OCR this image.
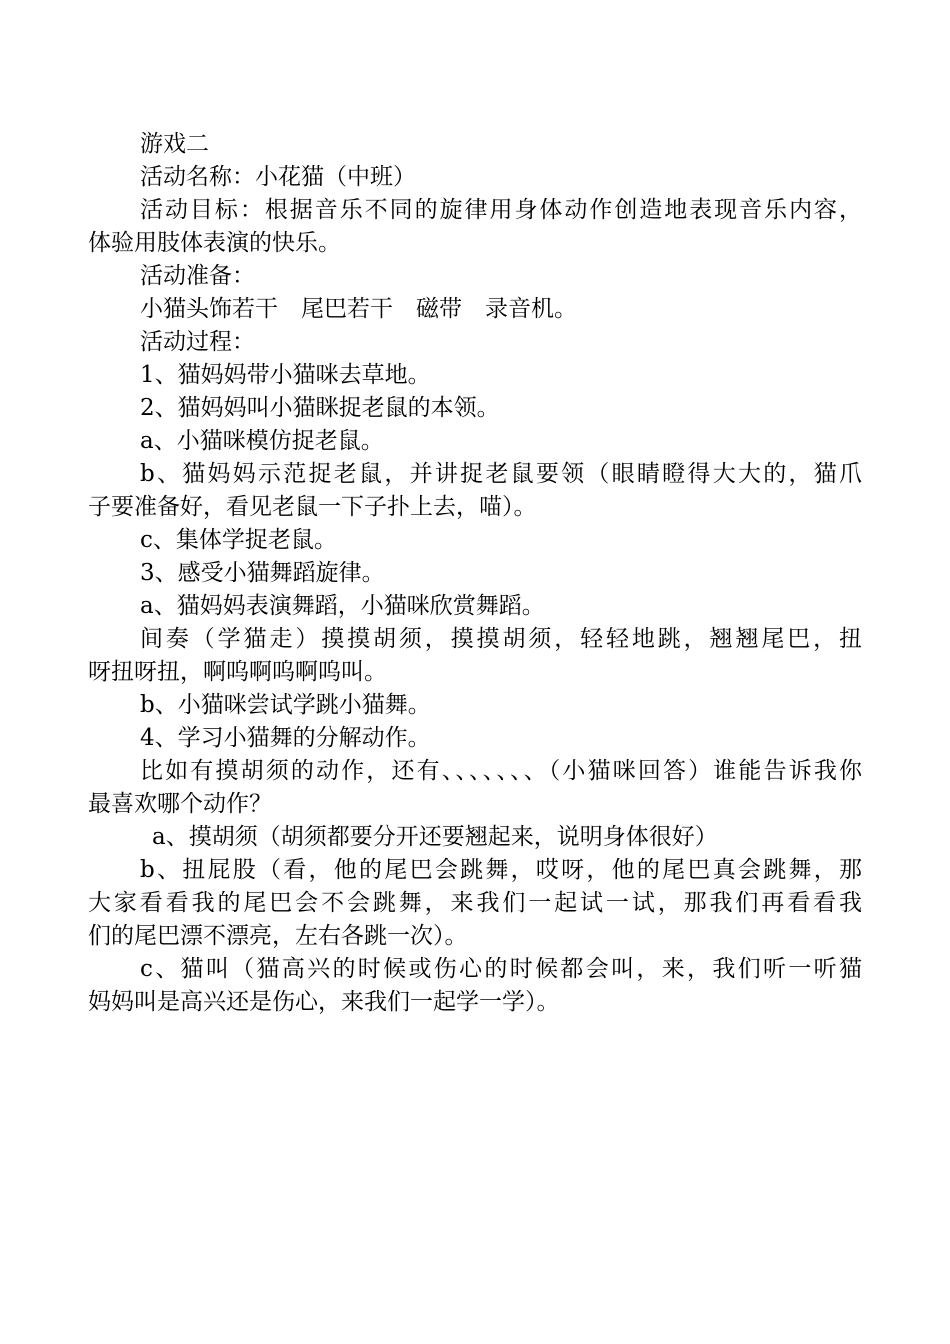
游戏二

活动名称：小花猫（中班）

活动目标：根据音乐不同的旋律用身体动作创造地表现音乐内容，

体验用肢体表演的快乐。

活动准备：

小猫头饰若干　尾巴若干　磁带　录音机。

活动过程：

1、猫妈妈带小猫咪去草地。

2、猫妈妈叫小猫眯捉老鼠的本领。

a、小猫咪模仿捉老鼠。

b、猫妈妈示范捉老鼠，并讲捉老鼠要领（眼睛瞪得大大的，猫爪

子要准备好，看见老鼠一下子扑上去，喵）。

c、集体学捉老鼠。

3、感受小猫舞蹈旋律。

a、猫妈妈表演舞蹈，小猫咪欣赏舞蹈。

间奏（学猫走）摸摸胡须，摸摸胡须，轻轻地跳，翘翘尾巴，扭

呀扭呀扭，啊呜啊呜啊呜叫。

b、小猫咪尝试学跳小猫舞。

4、学习小猫舞的分解动作。

比如有摸胡须的动作，还有、、、、、、、（小猫咪回答）谁能告诉我你

最喜欢哪个动作？

a、摸胡须（胡须都要分开还要翘起来，说明身体很好）

b、扭屁股（看，他的尾巴会跳舞，哎呀，他的尾巴真会跳舞，那

大家看看我的尾巴会不会跳舞，来我们一起试一试，那我们再看看我

们的尾巴漂不漂亮，左右各跳一次）。

c、猫叫（猫高兴的时候或伤心的时候都会叫，来，我们听一听猫

妈妈叫是高兴还是伤心，来我们一起学一学）。
